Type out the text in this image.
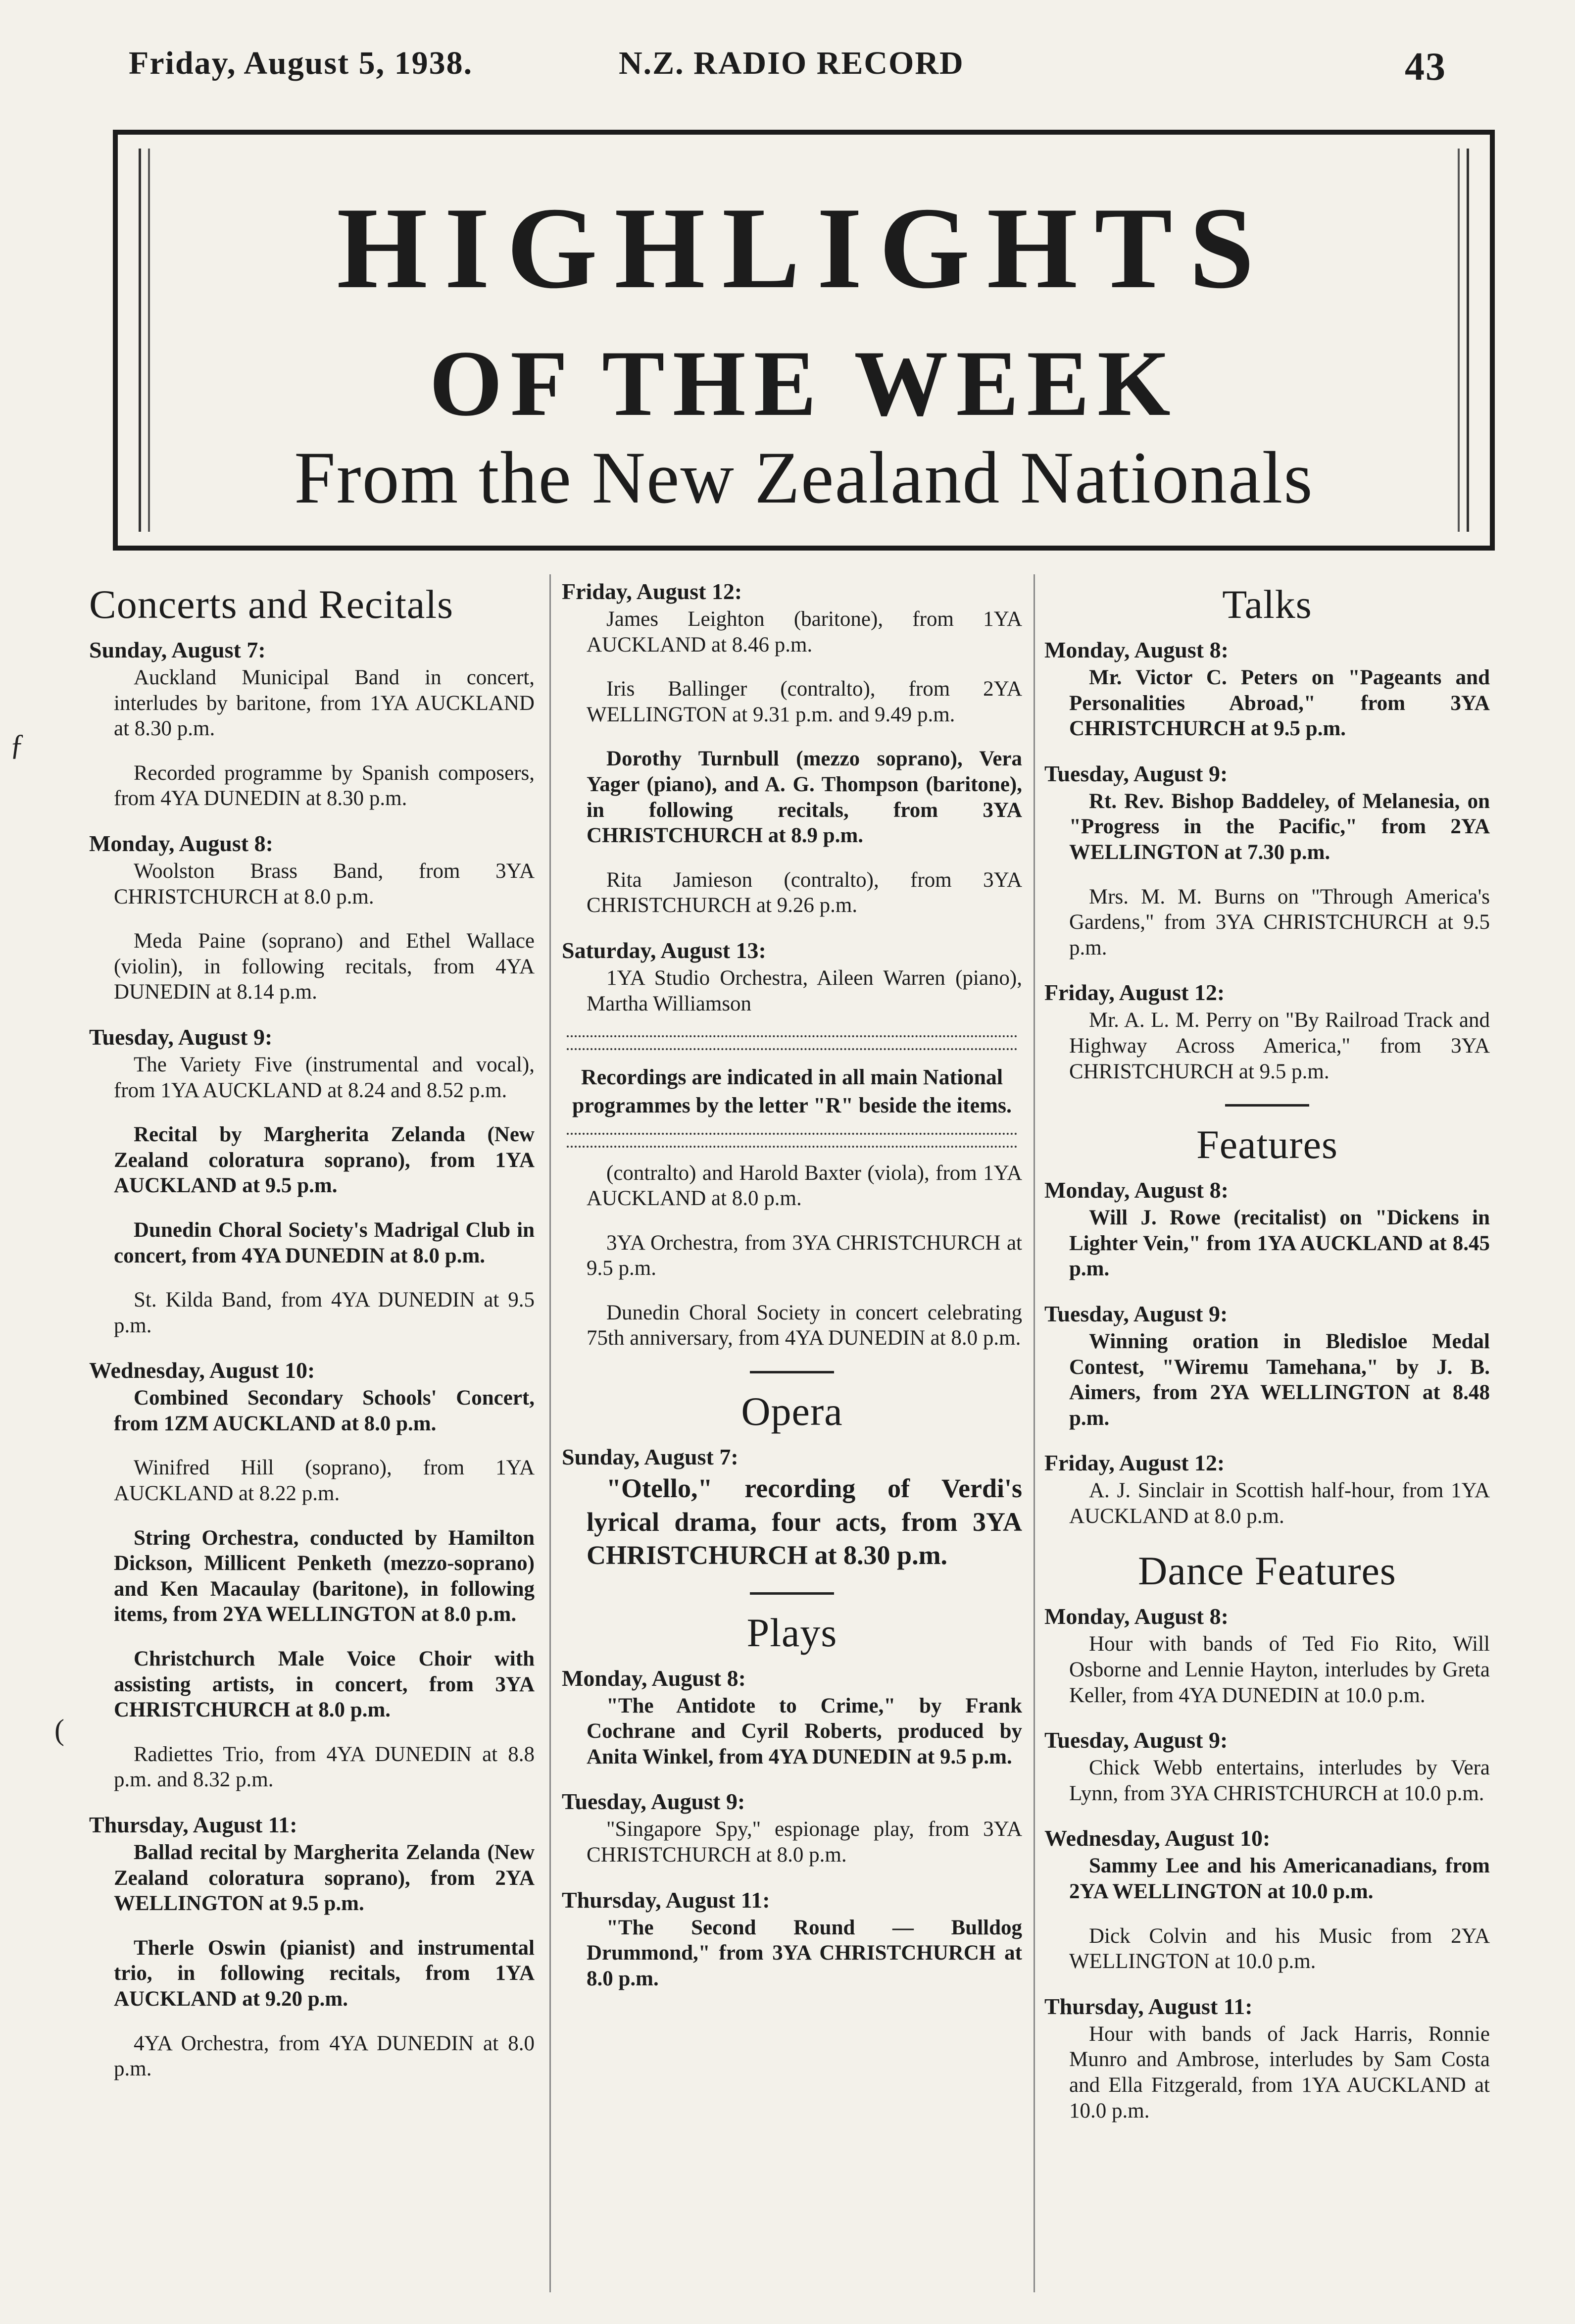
Friday, August 5, 1938.	N.Z. RADIO RECORD	43
HIGHLIGHTS
OF THE WEEK
From the New Zealand Nationals
Concerts and Recitals
Sunday, August 7:
Auckland Municipal Band in concert, interludes by baritone, from 1YA AUCKLAND at 8.30 p.m.
Recorded programme by Spanish composers, from 4YA DUNEDIN at 8.30 p.m.
Monday, August 8:
Woolston Brass Band, from 3YA CHRISTCHURCH at 8.0 p.m.
Meda Paine (soprano) and Ethel Wallace (violin), in following recitals, from 4YA DUNEDIN at 8.14 p.m.
Tuesday, August 9:
The Variety Five (instrumental and vocal), from 1YA AUCKLAND at 8.24 and 8.52 p.m.
Recital by Margherita Zelanda (New Zealand coloratura soprano), from 1YA AUCKLAND at 9.5 p.m.
Dunedin Choral Society's Madrigal Club in concert, from 4YA DUNEDIN at 8.0 p.m.
St. Kilda Band, from 4YA DUNEDIN at 9.5 p.m.
Wednesday, August 10:
Combined Secondary Schools' Concert, from 1ZM AUCKLAND at 8.0 p.m.
Winifred Hill (soprano), from 1YA AUCKLAND at 8.22 p.m.
String Orchestra, conducted by Hamilton Dickson, Millicent Penketh (mezzo-soprano) and Ken Macaulay (baritone), in following items, from 2YA WELLINGTON at 8.0 p.m.
Christchurch Male Voice Choir with assisting artists, in concert, from 3YA CHRISTCHURCH at 8.0 p.m.
Radiettes Trio, from 4YA DUNEDIN at 8.8 p.m. and 8.32 p.m.
Thursday, August 11:
Ballad recital by Margherita Zelanda (New Zealand coloratura soprano), from 2YA WELLINGTON at 9.5 p.m.
Therle Oswin (pianist) and instrumental trio, in following recitals, from 1YA AUCKLAND at 9.20 p.m.
4YA Orchestra, from 4YA DUNEDIN at 8.0 p.m.
Friday, August 12:
James Leighton (baritone), from 1YA AUCKLAND at 8.46 p.m.
Iris Ballinger (contralto), from 2YA WELLINGTON at 9.31 p.m. and 9.49 p.m.
Dorothy Turnbull (mezzo soprano), Vera Yager (piano), and A. G. Thompson (baritone), in following recitals, from 3YA CHRISTCHURCH at 8.9 p.m.
Rita Jamieson (contralto), from 3YA CHRISTCHURCH at 9.26 p.m.
Saturday, August 13:
1YA Studio Orchestra, Aileen Warren (piano), Martha Williamson
Recordings are indicated in all main National programmes by the letter "R" beside the items.
(contralto) and Harold Baxter (viola), from 1YA AUCKLAND at 8.0 p.m.
3YA Orchestra, from 3YA CHRISTCHURCH at 9.5 p.m.
Dunedin Choral Society in concert celebrating 75th anniversary, from 4YA DUNEDIN at 8.0 p.m.
Opera
Sunday, August 7:
"Otello," recording of Verdi's lyrical drama, four acts, from 3YA CHRISTCHURCH at 8.30 p.m.
Plays
Monday, August 8:
"The Antidote to Crime," by Frank Cochrane and Cyril Roberts, produced by Anita Winkel, from 4YA DUNEDIN at 9.5 p.m.
Tuesday, August 9:
"Singapore Spy," espionage play, from 3YA CHRISTCHURCH at 8.0 p.m.
Thursday, August 11:
"The Second Round — Bulldog Drummond," from 3YA CHRISTCHURCH at 8.0 p.m.
Talks
Monday, August 8:
Mr. Victor C. Peters on "Pageants and Personalities Abroad," from 3YA CHRISTCHURCH at 9.5 p.m.
Tuesday, August 9:
Rt. Rev. Bishop Baddeley, of Melanesia, on "Progress in the Pacific," from 2YA WELLINGTON at 7.30 p.m.
Mrs. M. M. Burns on "Through America's Gardens," from 3YA CHRISTCHURCH at 9.5 p.m.
Friday, August 12:
Mr. A. L. M. Perry on "By Railroad Track and Highway Across America," from 3YA CHRISTCHURCH at 9.5 p.m.
Features
Monday, August 8:
Will J. Rowe (recitalist) on "Dickens in Lighter Vein," from 1YA AUCKLAND at 8.45 p.m.
Tuesday, August 9:
Winning oration in Bledisloe Medal Contest, "Wiremu Tamehana," by J. B. Aimers, from 2YA WELLINGTON at 8.48 p.m.
Friday, August 12:
A. J. Sinclair in Scottish half-hour, from 1YA AUCKLAND at 8.0 p.m.
Dance Features
Monday, August 8:
Hour with bands of Ted Fio Rito, Will Osborne and Lennie Hayton, interludes by Greta Keller, from 4YA DUNEDIN at 10.0 p.m.
Tuesday, August 9:
Chick Webb entertains, interludes by Vera Lynn, from 3YA CHRISTCHURCH at 10.0 p.m.
Wednesday, August 10:
Sammy Lee and his Americanadians, from 2YA WELLINGTON at 10.0 p.m.
Dick Colvin and his Music from 2YA WELLINGTON at 10.0 p.m.
Thursday, August 11:
Hour with bands of Jack Harris, Ronnie Munro and Ambrose, interludes by Sam Costa and Ella Fitzgerald, from 1YA AUCKLAND at 10.0 p.m.
ƒ
(
